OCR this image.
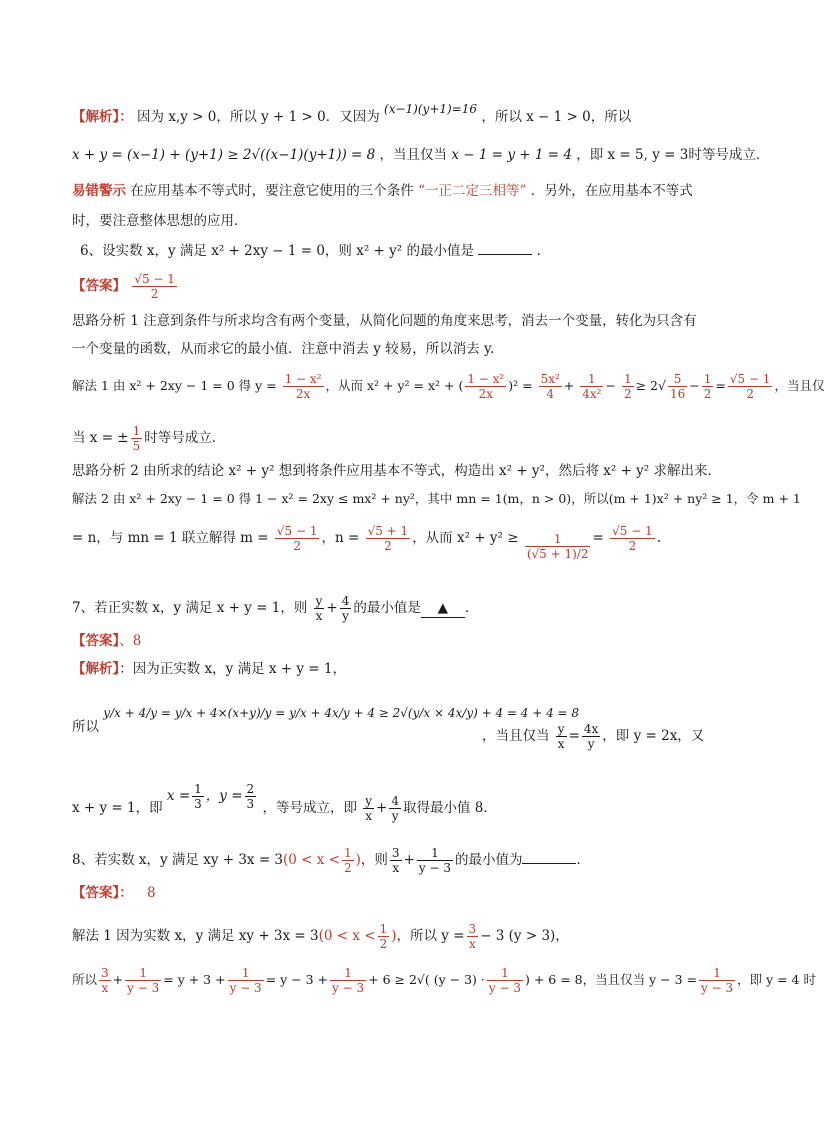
【解析】： 因为 x,y > 0，所以 y + 1 > 0．又因为 (x−1)(y+1)=16 ，所以 x − 1 > 0，所以
x + y = (x−1) + (y+1) ≥ 2√((x−1)(y+1)) = 8 ，当且仅当 x − 1 = y + 1 = 4 ，即 x = 5, y = 3时等号成立．
易错警示 在应用基本不等式时，要注意它使用的三个条件 “一正二定三相等” ．另外，在应用基本不等式
时，要注意整体思想的应用．
6、设实数 x，y 满足 x² + 2xy − 1 = 0，则 x² + y² 的最小值是	．
【答案】 $\frac{√5 - 1}{2}$
思路分析 1 注意到条件与所求均含有两个变量，从简化问题的角度来思考，消去一个变量，转化为只含有
一个变量的函数，从而求它的最小值．注意中消去 y 较易，所以消去 y.
解法 1 由 x² + 2xy − 1 = 0 得 $y = \frac{\text{1 − x²}}{2x}$ ，从而 x² + y² = x² + ( $\frac{\text{1 − x²}}{2x} )^2 = \frac{\text{5x²}}{4} + \frac{1}{\text{4x²}} - \frac{1}{2} \ge 2√ \frac{5}{16} - \frac{1}{2} = \frac{√5 - 1}{2}$ ，当且仅
当 x = ± $\frac{1}{5}$ 时等号成立．
思路分析 2 由所求的结论 x² + y² 想到将条件应用基本不等式，构造出 x² + y²，然后将 x² + y² 求解出来．
解法 2 由 x² + 2xy − 1 = 0 得 1 − x² = 2xy ≤ mx² + ny²，其中 mn = 1(m，n > 0)，所以(m + 1)x² + ny² ≥ 1，令 m + 1
= n，与 mn = 1 联立解得 $m = \frac{√5 - 1}{2}$ ，$n = \frac{√5 + 1}{2}$ ，从而 $x^2 + y^2 \ge \frac{1}{(√5 + 1)/2} = \frac{√5 - 1}{2}$ .
7、若正实数 x，y 满足 x + y = 1，则 $\frac{y}{x} + \frac{4}{y}$ 的最小值是 ▲ ．
【答案】、8
【解析】：因为正实数 x，y 满足 x + y = 1，
所以 y/x + 4/y = y/x + 4×(x+y)/y = y/x + 4x/y + 4 ≥ 2√(y/x × 4x/y) + 4 = 4 + 4 = 8
，当且仅当 $\frac{y}{x} = \frac{4x}{y}$ ，即 y = 2x，又
x + y = 1，即 $x = \frac{1}{3}$ ，$y = \frac{2}{3}$ ，等号成立，即 $\frac{y}{x} + \frac{4}{y}$ 取得最小值 8．
8、若实数 x，y 满足 xy + $3x = 3(0 < x < \frac{1}{2}$ )，则 $\frac{3}{x} + \frac{1}{y - 3}$ 的最小值为	．
【答案】： 8
解法 1 因为实数 x，y 满足 xy + $3x = 3(0 < x < \frac{1}{2}$ )，所以 $y = \frac{3}{x} - 3$ (y > 3)，
所以 $\frac{3}{x} + \frac{1}{y - 3} = y + 3 + \frac{1}{y - 3} = y - 3 + \frac{1}{y - 3} + 6 \ge 2√$( $(y - 3) \cdot \frac{1}{y - 3}$ ) + 6 = 8，当且仅当 $y - 3 = \frac{1}{y - 3}$ ，即 y = 4 时
